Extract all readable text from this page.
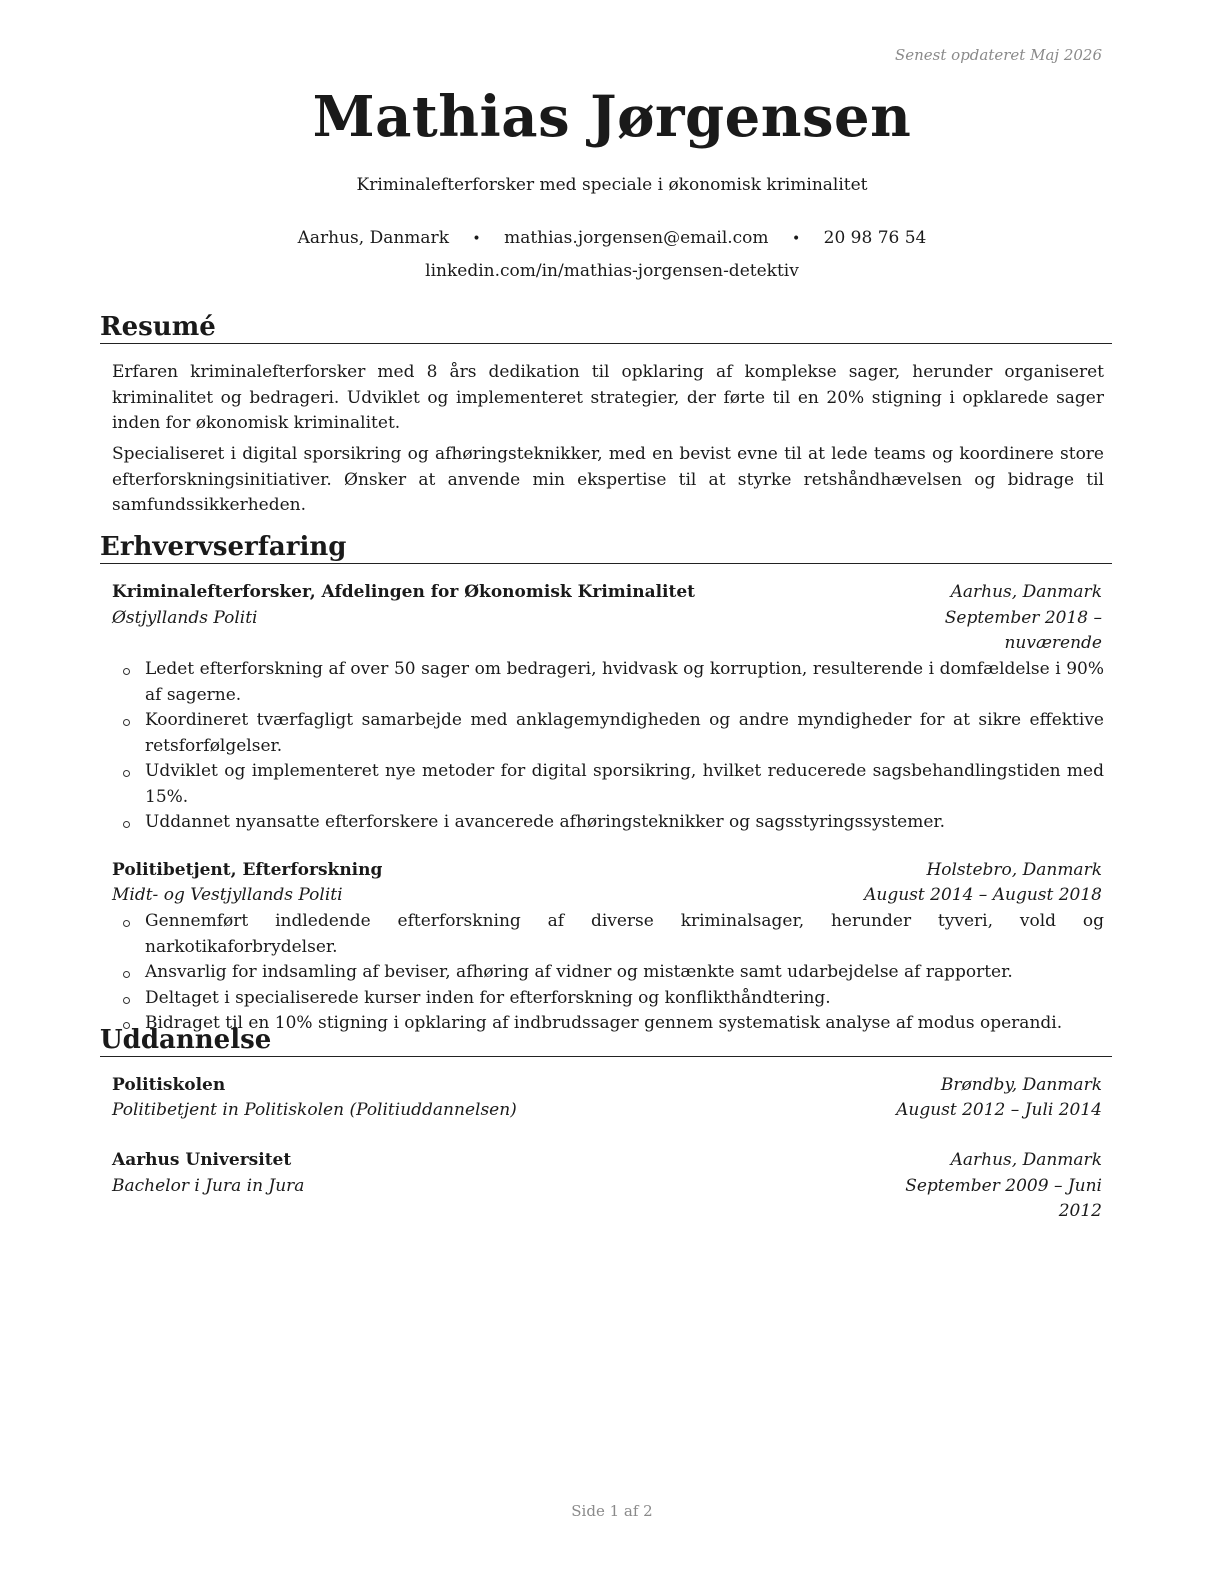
Senest opdateret Maj 2026

Mathias Jørgensen

Kriminalefterforsker med speciale i økonomisk kriminalitet

Aarhus, Danmark • mathias.jorgensen@email.com • 20 98 76 54
linkedin.com/in/mathias-jorgensen-detektiv
Resumé

Erfaren kriminalefterforsker med 8 års dedikation til opklaring af komplekse sager, herunder organiseret kriminalitet og bedrageri. Udviklet og implementeret strategier, der førte til en 20% stigning i opklarede sager inden for økonomisk kriminalitet.

Specialiseret i digital sporsikring og afhøringsteknikker, med en bevist evne til at lede teams og koordinere store efterforskningsinitiativer. Ønsker at anvende min ekspertise til at styrke retshåndhævelsen og bidrage til samfundssikkerheden.

Erhvervserfaring
Kriminalefterforsker, Afdelingen for Økonomisk Kriminalitet	Aarhus, Danmark
Østjyllands Politi	September 2018 – nuværende
Ledet efterforskning af over 50 sager om bedrageri, hvidvask og korruption, resulterende i domfældelse i 90% af sagerne.
Koordineret tværfagligt samarbejde med anklagemyndigheden og andre myndigheder for at sikre effektive retsforfølgelser.
Udviklet og implementeret nye metoder for digital sporsikring, hvilket reducerede sagsbehandlingstiden med 15%.
Uddannet nyansatte efterforskere i avancerede afhøringsteknikker og sagsstyringssystemer.
Politibetjent, Efterforskning	Holstebro, Danmark
Midt- og Vestjyllands Politi	August 2014 – August 2018
Gennemført indledende efterforskning af diverse kriminalsager, herunder tyveri, vold og narkotikaforbrydelser.
Ansvarlig for indsamling af beviser, afhøring af vidner og mistænkte samt udarbejdelse af rapporter.
Deltaget i specialiserede kurser inden for efterforskning og konflikthåndtering.
Bidraget til en 10% stigning i opklaring af indbrudssager gennem systematisk analyse af modus operandi.
Uddannelse
Politiskolen	Brøndby, Danmark
Politibetjent in Politiskolen (Politiuddannelsen)	August 2012 – Juli 2014
Aarhus Universitet	Aarhus, Danmark
Bachelor i Jura in Jura	September 2009 – Juni 2012

Side 1 af 2
